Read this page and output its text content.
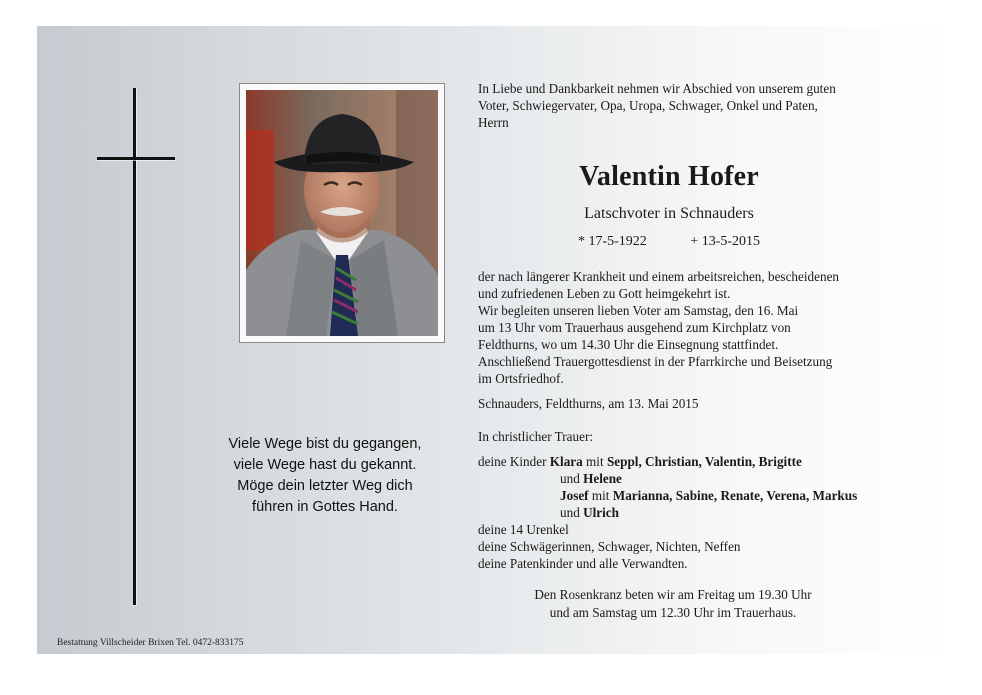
Viele Wege bist du gegangen,
viele Wege hast du gekannt.
Möge dein letzter Weg dich
führen in Gottes Hand.
Bestattung Villscheider Brixen Tel. 0472-833175
In Liebe und Dankbarkeit nehmen wir Abschied von unserem guten
Voter, Schwiegervater, Opa, Uropa, Schwager, Onkel und Paten,
Herrn
Valentin Hofer
Latschvoter in Schnauders
* 17-5-1922	+ 13-5-2015
der nach längerer Krankheit und einem arbeitsreichen, bescheidenen
und zufriedenen Leben zu Gott heimgekehrt ist.
Wir begleiten unseren lieben Voter am Samstag, den 16. Mai
um 13 Uhr vom Trauerhaus ausgehend zum Kirchplatz von
Feldthurns, wo um 14.30 Uhr die Einsegnung stattfindet.
Anschließend Trauergottesdienst in der Pfarrkirche und Beisetzung
im Ortsfriedhof.
Schnauders, Feldthurns, am 13. Mai 2015
In christlicher Trauer:
deine Kinder Klara mit Seppl, Christian, Valentin, Brigitte
und Helene
Josef mit Marianna, Sabine, Renate, Verena, Markus
und Ulrich
deine 14 Urenkel
deine Schwägerinnen, Schwager, Nichten, Neffen
deine Patenkinder und alle Verwandten.
Den Rosenkranz beten wir am Freitag um 19.30 Uhr
und am Samstag um 12.30 Uhr im Trauerhaus.
